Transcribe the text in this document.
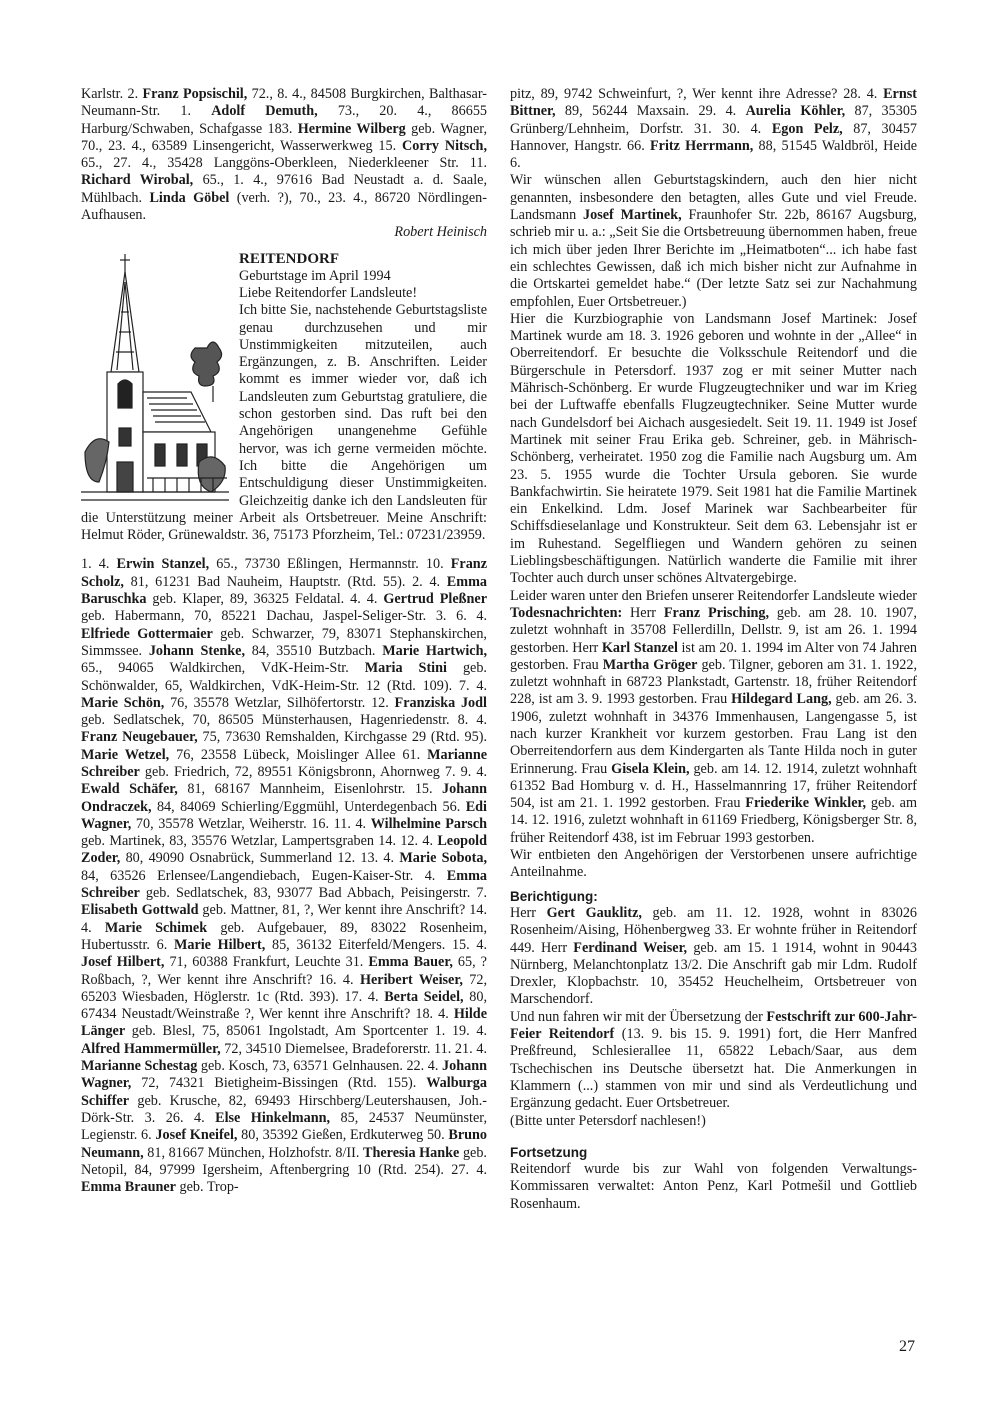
Karlstr. 2. Franz Popsischil, 72., 8. 4., 84508 Burgkirchen, Balthasar-Neumann-Str. 1. Adolf Demuth, 73., 20. 4., 86655 Harburg/Schwaben, Schafgasse 183. Hermine Wilberg geb. Wagner, 70., 23. 4., 63589 Linsengericht, Wasserwerkweg 15. Corry Nitsch, 65., 27. 4., 35428 Langgöns-Oberkleen, Niederkleener Str. 11. Richard Wirobal, 65., 1. 4., 97616 Bad Neustadt a. d. Saale, Mühlbach. Linda Göbel (verh. ?), 70., 23. 4., 86720 Nördlingen-Aufhausen.

Robert Heinisch

REITENDORF

Geburtstage im April 1994

Liebe Reitendorfer Landsleute!

Ich bitte Sie, nachstehende Geburtstagsliste genau durchzusehen und mir Unstimmigkeiten mitzuteilen, auch Ergänzungen, z. B. Anschriften. Leider kommt es immer wieder vor, daß ich Landsleuten zum Geburtstag gratuliere, die schon gestorben sind. Das ruft bei den Angehörigen unangenehme Gefühle hervor, was ich gerne vermeiden möchte. Ich bitte die Angehörigen um Entschuldigung dieser Unstimmigkeiten. Gleichzeitig danke ich den Landsleuten für die Unterstützung meiner Arbeit als Ortsbetreuer. Meine Anschrift: Helmut Röder, Grünewaldstr. 36, 75173 Pforzheim, Tel.: 07231/23959.

1. 4. Erwin Stanzel, 65., 73730 Eßlingen, Hermannstr. 10. Franz Scholz, 81, 61231 Bad Nauheim, Hauptstr. (Rtd. 55). 2. 4. Emma Baruschka geb. Klaper, 89, 36325 Feldatal. 4. 4. Gertrud Pleßner geb. Habermann, 70, 85221 Dachau, Jaspel-Seliger-Str. 3. 6. 4. Elfriede Gottermaier geb. Schwarzer, 79, 83071 Stephanskirchen, Simmssee. Johann Stenke, 84, 35510 Butzbach. Marie Hartwich, 65., 94065 Waldkirchen, VdK-Heim-Str. Maria Stini geb. Schönwalder, 65, Waldkirchen, VdK-Heim-Str. 12 (Rtd. 109). 7. 4. Marie Schön, 76, 35578 Wetzlar, Silhöfertorstr. 12. Franziska Jodl geb. Sedlatschek, 70, 86505 Münsterhausen, Hagenriedenstr. 8. 4. Franz Neugebauer, 75, 73630 Remshalden, Kirchgasse 29 (Rtd. 95). Marie Wetzel, 76, 23558 Lübeck, Moislinger Allee 61. Marianne Schreiber geb. Friedrich, 72, 89551 Königsbronn, Ahornweg 7. 9. 4. Ewald Schäfer, 81, 68167 Mannheim, Eisenlohrstr. 15. Johann Ondraczek, 84, 84069 Schierling/Eggmühl, Unterdegenbach 56. Edi Wagner, 70, 35578 Wetzlar, Weiherstr. 16. 11. 4. Wilhelmine Parsch geb. Martinek, 83, 35576 Wetzlar, Lampertsgraben 14. 12. 4. Leopold Zoder, 80, 49090 Osnabrück, Summerland 12. 13. 4. Marie Sobota, 84, 63526 Erlensee/Langendiebach, Eugen-Kaiser-Str. 4. Emma Schreiber geb. Sedlatschek, 83, 93077 Bad Abbach, Peisingerstr. 7. Elisabeth Gottwald geb. Mattner, 81, ?, Wer kennt ihre Anschrift? 14. 4. Marie Schimek geb. Aufgebauer, 89, 83022 Rosenheim, Hubertusstr. 6. Marie Hilbert, 85, 36132 Eiterfeld/Mengers. 15. 4. Josef Hilbert, 71, 60388 Frankfurt, Leuchte 31. Emma Bauer, 65, ? Roßbach, ?, Wer kennt ihre Anschrift? 16. 4. Heribert Weiser, 72, 65203 Wiesbaden, Höglerstr. 1c (Rtd. 393). 17. 4. Berta Seidel, 80, 67434 Neustadt/Weinstraße ?, Wer kennt ihre Anschrift? 18. 4. Hilde Länger geb. Blesl, 75, 85061 Ingolstadt, Am Sportcenter 1. 19. 4. Alfred Hammermüller, 72, 34510 Diemelsee, Bradeforerstr. 11. 21. 4. Marianne Schestag geb. Kosch, 73, 63571 Gelnhausen. 22. 4. Johann Wagner, 72, 74321 Bietigheim-Bissingen (Rtd. 155). Walburga Schiffer geb. Krusche, 82, 69493 Hirschberg/Leutershausen, Joh.-Dörk-Str. 3. 26. 4. Else Hinkelmann, 85, 24537 Neumünster, Legienstr. 6. Josef Kneifel, 80, 35392 Gießen, Erdkuterweg 50. Bruno Neumann, 81, 81667 München, Holzhofstr. 8/II. Theresia Hanke geb. Netopil, 84, 97999 Igersheim, Aftenbergring 10 (Rtd. 254). 27. 4. Emma Brauner geb. Trop-

pitz, 89, 9742 Schweinfurt, ?, Wer kennt ihre Adresse? 28. 4. Ernst Bittner, 89, 56244 Maxsain. 29. 4. Aurelia Köhler, 87, 35305 Grünberg/Lehnheim, Dorfstr. 31. 30. 4. Egon Pelz, 87, 30457 Hannover, Hangstr. 66. Fritz Herrmann, 88, 51545 Waldbröl, Heide 6.

Wir wünschen allen Geburtstagskindern, auch den hier nicht genannten, insbesondere den betagten, alles Gute und viel Freude. Landsmann Josef Martinek, Fraunhofer Str. 22b, 86167 Augsburg, schrieb mir u. a.: „Seit Sie die Ortsbetreuung übernommen haben, freue ich mich über jeden Ihrer Berichte im „Heimatboten“... ich habe fast ein schlechtes Gewissen, daß ich mich bisher nicht zur Aufnahme in die Ortskartei gemeldet habe.“ (Der letzte Satz sei zur Nachahmung empfohlen, Euer Ortsbetreuer.)

Hier die Kurzbiographie von Landsmann Josef Martinek: Josef Martinek wurde am 18. 3. 1926 geboren und wohnte in der „Allee“ in Oberreitendorf. Er besuchte die Volksschule Reitendorf und die Bürgerschule in Petersdorf. 1937 zog er mit seiner Mutter nach Mährisch-Schönberg. Er wurde Flugzeugtechniker und war im Krieg bei der Luftwaffe ebenfalls Flugzeugtechniker. Seine Mutter wurde nach Gundelsdorf bei Aichach ausgesiedelt. Seit 19. 11. 1949 ist Josef Martinek mit seiner Frau Erika geb. Schreiner, geb. in Mährisch-Schönberg, verheiratet. 1950 zog die Familie nach Augsburg um. Am 23. 5. 1955 wurde die Tochter Ursula geboren. Sie wurde Bankfachwirtin. Sie heiratete 1979. Seit 1981 hat die Familie Martinek ein Enkelkind. Ldm. Josef Marinek war Sachbearbeiter für Schiffsdieselanlage und Konstrukteur. Seit dem 63. Lebensjahr ist er im Ruhestand. Segelfliegen und Wandern gehören zu seinen Lieblingsbeschäftigungen. Natürlich wanderte die Familie mit ihrer Tochter auch durch unser schönes Altvatergebirge.

Leider waren unter den Briefen unserer Reitendorfer Landsleute wieder Todesnachrichten: Herr Franz Prisching, geb. am 28. 10. 1907, zuletzt wohnhaft in 35708 Fellerdilln, Dellstr. 9, ist am 26. 1. 1994 gestorben. Herr Karl Stanzel ist am 20. 1. 1994 im Alter von 74 Jahren gestorben. Frau Martha Gröger geb. Tilgner, geboren am 31. 1. 1922, zuletzt wohnhaft in 68723 Plankstadt, Gartenstr. 18, früher Reitendorf 228, ist am 3. 9. 1993 gestorben. Frau Hildegard Lang, geb. am 26. 3. 1906, zuletzt wohnhaft in 34376 Immenhausen, Langengasse 5, ist nach kurzer Krankheit vor kurzem gestorben. Frau Lang ist den Oberreitendorfern aus dem Kindergarten als Tante Hilda noch in guter Erinnerung. Frau Gisela Klein, geb. am 14. 12. 1914, zuletzt wohnhaft 61352 Bad Homburg v. d. H., Hasselmannring 17, früher Reitendorf 504, ist am 21. 1. 1992 gestorben. Frau Friederike Winkler, geb. am 14. 12. 1916, zuletzt wohnhaft in 61169 Friedberg, Königsberger Str. 8, früher Reitendorf 438, ist im Februar 1993 gestorben.

Wir entbieten den Angehörigen der Verstorbenen unsere aufrichtige Anteilnahme.

Berichtigung:

Herr Gert Gauklitz, geb. am 11. 12. 1928, wohnt in 83026 Rosenheim/Aising, Höhenbergweg 33. Er wohnte früher in Reitendorf 449. Herr Ferdinand Weiser, geb. am 15. 1 1914, wohnt in 90443 Nürnberg, Melanchtonplatz 13/2. Die Anschrift gab mir Ldm. Rudolf Drexler, Klopbachstr. 10, 35452 Heuchelheim, Ortsbetreuer von Marschendorf.

Und nun fahren wir mit der Übersetzung der Festschrift zur 600-Jahr-Feier Reitendorf (13. 9. bis 15. 9. 1991) fort, die Herr Manfred Preßfreund, Schlesierallee 11, 65822 Lebach/Saar, aus dem Tschechischen ins Deutsche übersetzt hat. Die Anmerkungen in Klammern (...) stammen von mir und sind als Verdeutlichung und Ergänzung gedacht. Euer Ortsbetreuer.

(Bitte unter Petersdorf nachlesen!)

Fortsetzung

Reitendorf wurde bis zur Wahl von folgenden Verwaltungs-Kommissaren verwaltet: Anton Penz, Karl Potmešil und Gottlieb Rosenhaum.

27
